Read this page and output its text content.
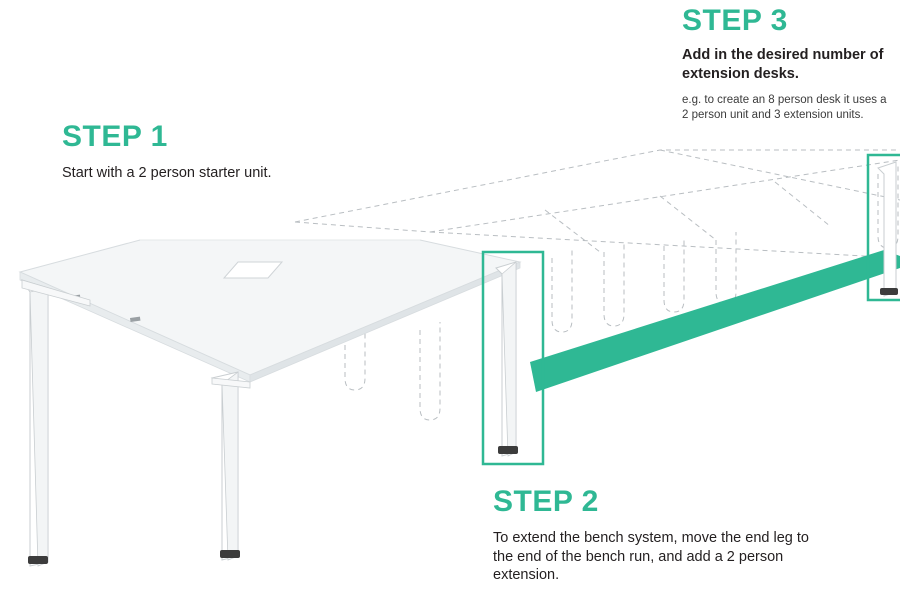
STEP 1
Start with a 2 person starter unit.
STEP 2
To extend the bench system, move the end leg to the end of the bench run, and add a 2 person extension.
STEP 3
Add in the desired number of extension desks.
e.g. to create an 8 person desk it uses a 2 person unit and 3 extension units.
